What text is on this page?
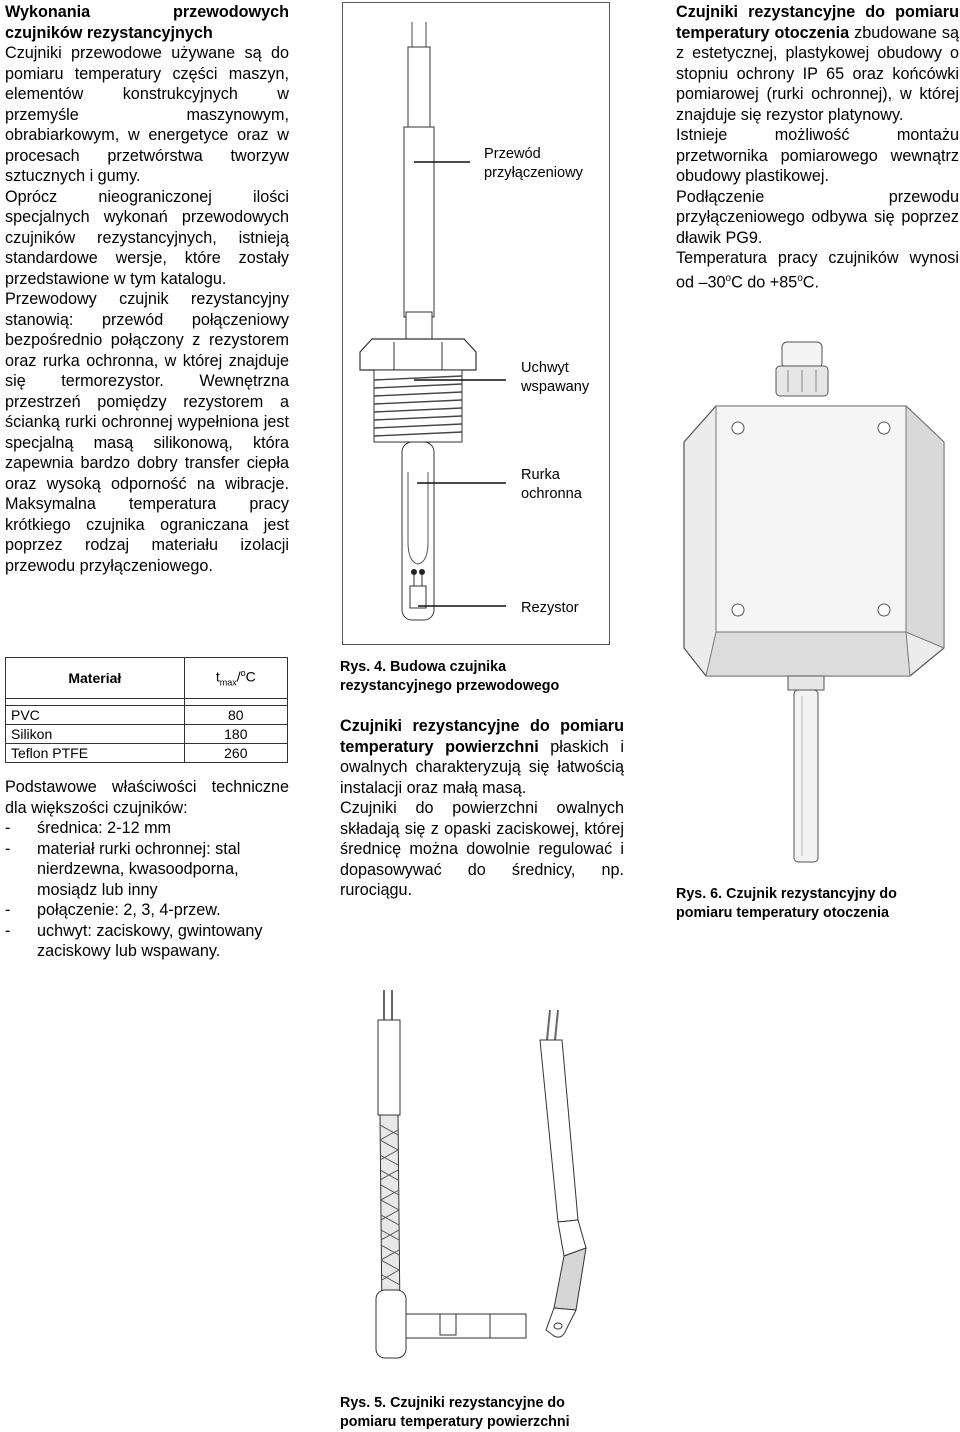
Wykonania przewodowych czujników rezystancyjnych

Czujniki przewodowe używane są do pomiaru temperatury części maszyn, elementów konstrukcyjnych w przemyśle maszynowym, obrabiarkowym, w energetyce oraz w procesach przetwórstwa tworzyw sztucznych i gumy.

Oprócz nieograniczonej ilości specjalnych wykonań przewodowych czujników rezystancyjnych, istnieją standardowe wersje, które zostały przedstawione w tym katalogu.

Przewodowy czujnik rezystancyjny stanowią: przewód połączeniowy bezpośrednio połączony z rezystorem oraz rurka ochronna, w której znajduje się termorezystor. Wewnętrzna przestrzeń pomiędzy rezystorem a ścianką rurki ochronnej wypełniona jest specjalną masą silikonową, która zapewnia bardzo dobry transfer ciepła oraz wysoką odporność na wibracje. Maksymalna temperatura pracy krótkiego czujnika ograniczana jest poprzez rodzaj materiału izolacji przewodu przyłączeniowego.

Materiał	$t_{max}/^oC$

PVC	80
Silikon	180
Teflon PTFE	260

Podstawowe właściwości techniczne dla większości czujników:

- średnica: 2-12 mm
- materiał rurki ochronnej: stal nierdzewna, kwasoodporna, mosiądz lub inny
- połączenie: 2, 3, 4-przew.
- uchwyt: zaciskowy, gwintowany zaciskowy lub wspawany.
Przewód przyłączeniowy
Uchwyt wspawany
Rurka ochronna
Rezystor
Rys. 4. Budowa czujnika rezystancyjnego przewodowego

Czujniki rezystancyjne do pomiaru temperatury powierzchni płaskich i owalnych charakteryzują się łatwością instalacji oraz małą masą.

Czujniki do powierzchni owalnych składają się z opaski zaciskowej, której średnicę można dowolnie regulować i dopasowywać do średnicy, np. rurociągu.

Rys. 5. Czujniki rezystancyjne do pomiaru temperatury powierzchni

Czujniki rezystancyjne do pomiaru temperatury otoczenia zbudowane są z estetycznej, plastykowej obudowy o stopniu ochrony IP 65 oraz końcówki pomiarowej (rurki ochronnej), w której znajduje się rezystor platynowy.

Istnieje możliwość montażu przetwornika pomiarowego wewnątrz obudowy plastikowej.

Podłączenie przewodu przyłączeniowego odbywa się poprzez dławik PG9.

Temperatura pracy czujników wynosi od –30$^o$C do $+85^oC$.

Rys. 6. Czujnik rezystancyjny do pomiaru temperatury otoczenia
